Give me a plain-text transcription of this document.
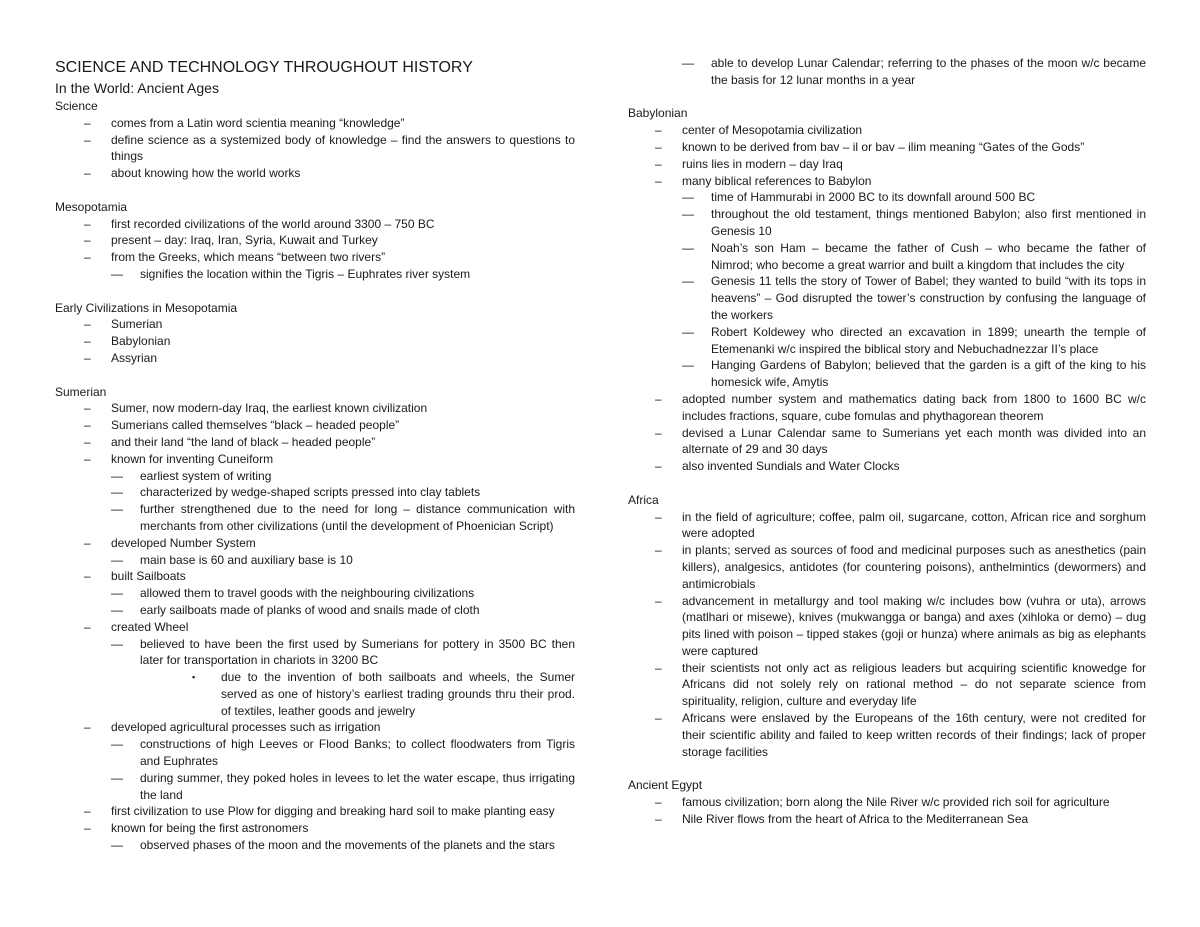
SCIENCE AND TECHNOLOGY THROUGHOUT HISTORY
In the World: Ancient Ages
Science
–	comes from a Latin word scientia meaning “knowledge”
–	define science as a systemized body of knowledge – find the answers to questions to things
–	about knowing how the world works
Mesopotamia
–	first recorded civilizations of the world around 3300 – 750 BC
–	present – day: Iraq, Iran, Syria, Kuwait and Turkey
–	from the Greeks, which means “between two rivers”
—	signifies the location within the Tigris – Euphrates river system
Early Civilizations in Mesopotamia
–	Sumerian
–	Babylonian
–	Assyrian
Sumerian
–	Sumer, now modern-day Iraq, the earliest known civilization
–	Sumerians called themselves “black – headed people”
–	and their land “the land of black – headed people”
–	known for inventing Cuneiform
—	earliest system of writing
—	characterized by wedge-shaped scripts pressed into clay tablets
—	further strengthened due to the need for long – distance communication with merchants from other civilizations (until the development of Phoenician Script)
–	developed Number System
—	main base is 60 and auxiliary base is 10
–	built Sailboats
—	allowed them to travel goods with the neighbouring civilizations
—	early sailboats made of planks of wood and snails made of cloth
–	created Wheel
—	believed to have been the first used by Sumerians for pottery in 3500 BC then later for transportation in chariots in 3200 BC
▪	due to the invention of both sailboats and wheels, the Sumer served as one of history’s earliest trading grounds thru their prod. of textiles, leather goods and jewelry
–	developed agricultural processes such as irrigation
—	constructions of high Leeves or Flood Banks; to collect floodwaters from Tigris and Euphrates
—	during summer, they poked holes in levees to let the water escape, thus irrigating the land
–	first civilization to use Plow for digging and breaking hard soil to make planting easy
–	known for being the first astronomers
—	observed phases of the moon and the movements of the planets and the stars
—	able to develop Lunar Calendar; referring to the phases of the moon w/c became the basis for 12 lunar months in a year
Babylonian
–	center of Mesopotamia civilization
–	known to be derived from bav – il or bav – ilim meaning “Gates of the Gods”
–	ruins lies in modern – day Iraq
–	many biblical references to Babylon
—	time of Hammurabi in 2000 BC to its downfall around 500 BC
—	throughout the old testament, things mentioned Babylon; also first mentioned in Genesis 10
—	Noah’s son Ham – became the father of Cush – who became the father of Nimrod; who become a great warrior and built a kingdom that includes the city
—	Genesis 11 tells the story of Tower of Babel; they wanted to build “with its tops in heavens” – God disrupted the tower’s construction by confusing the language of the workers
—	Robert Koldewey who directed an excavation in 1899; unearth the temple of Etemenanki w/c inspired the biblical story and Nebuchadnezzar II’s place
—	Hanging Gardens of Babylon; believed that the garden is a gift of the king to his homesick wife, Amytis
–	adopted number system and mathematics dating back from 1800 to 1600 BC w/c includes fractions, square, cube fomulas and phythagorean theorem
–	devised a Lunar Calendar same to Sumerians yet each month was divided into an alternate of 29 and 30 days
–	also invented Sundials and Water Clocks
Africa
–	in the field of agriculture; coffee, palm oil, sugarcane, cotton, African rice and sorghum were adopted
–	in plants; served as sources of food and medicinal purposes such as anesthetics (pain killers), analgesics, antidotes (for countering poisons), anthelmintics (dewormers) and antimicrobials
–	advancement in metallurgy and tool making w/c includes bow (vuhra or uta), arrows (matlhari or misewe), knives (mukwangga or banga) and axes (xihloka or demo) – dug pits lined with poison – tipped stakes (goji or hunza) where animals as big as elephants were captured
–	their scientists not only act as religious leaders but acquiring scientific knowedge for Africans did not solely rely on rational method – do not separate science from spirituality, religion, culture and everyday life
–	Africans were enslaved by the Europeans of the 16th century, were not credited for their scientific ability and failed to keep written records of their findings; lack of proper storage facilities
Ancient Egypt
–	famous civilization; born along the Nile River w/c provided rich soil for agriculture
–	Nile River flows from the heart of Africa to the Mediterranean Sea
